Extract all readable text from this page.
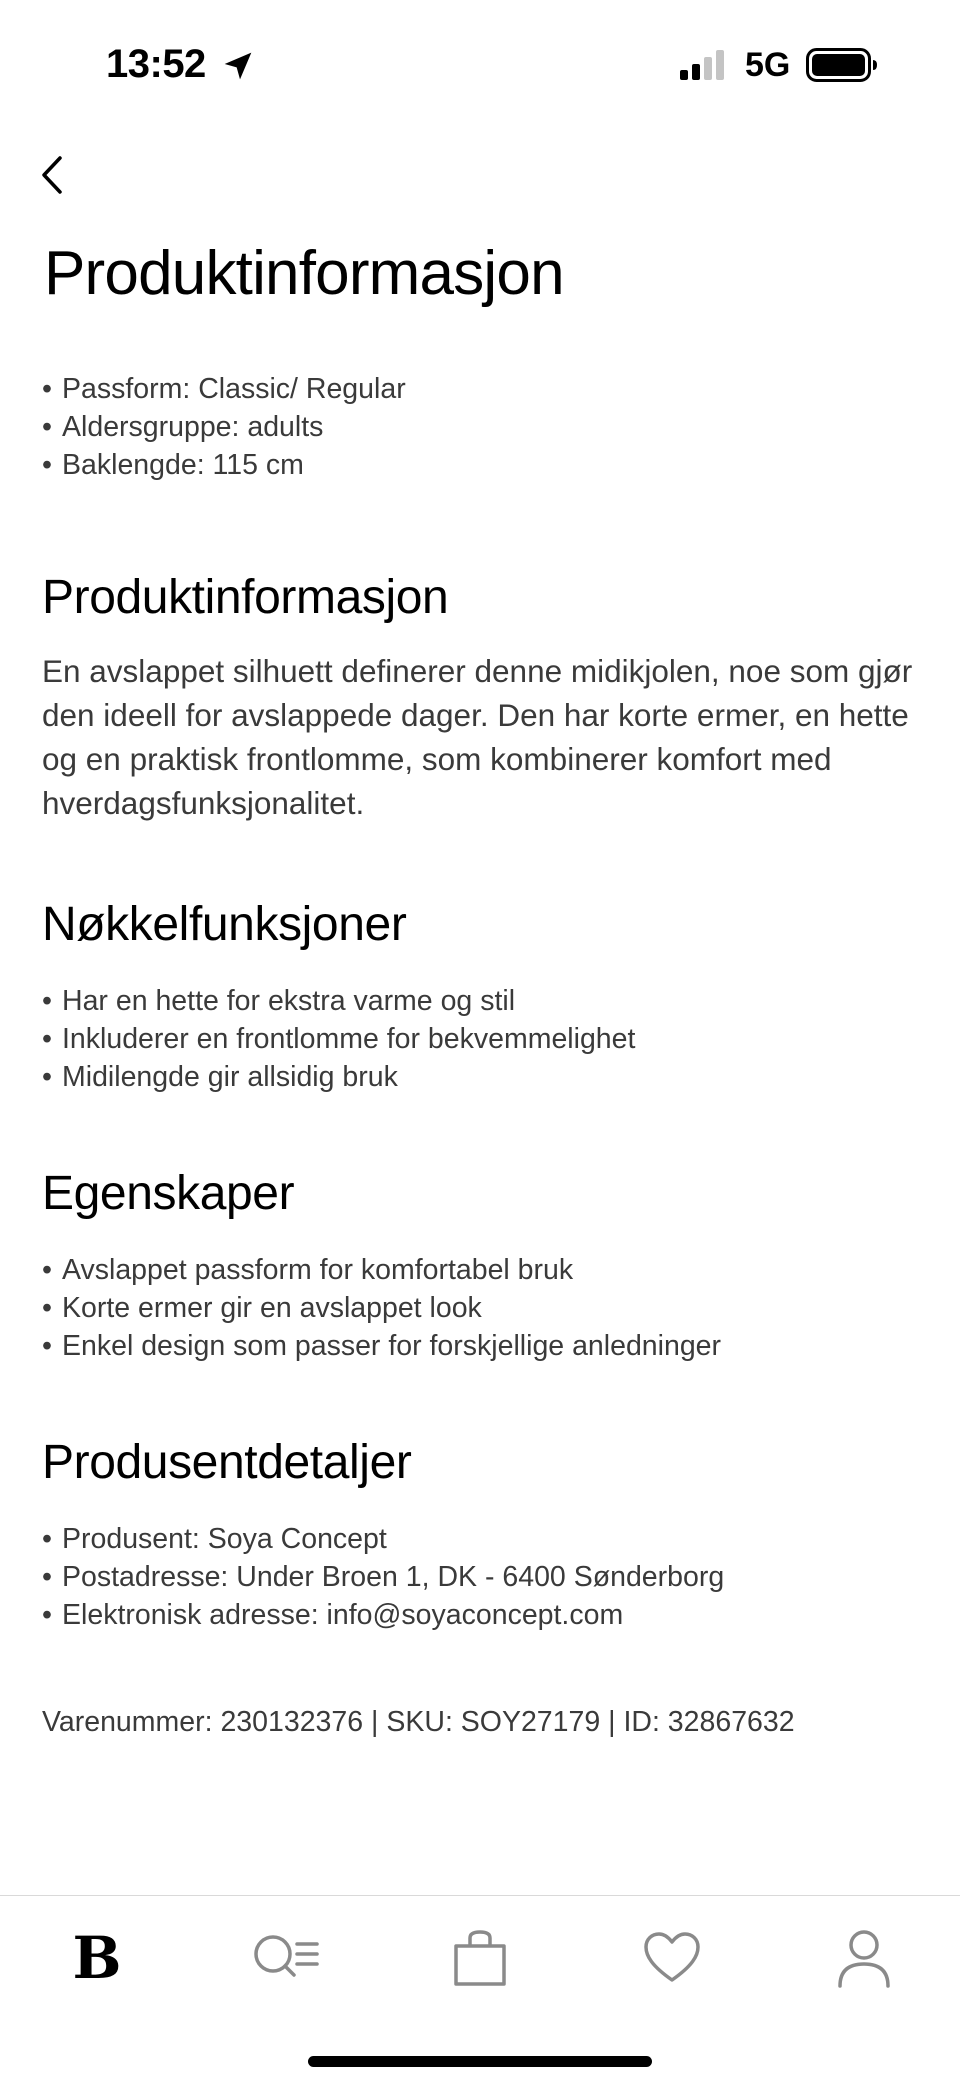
13:52	5G
Produktinformasjon
• Passform: Classic/ Regular
• Aldersgruppe: adults
• Baklengde: 115 cm
Produktinformasjon

En avslappet silhuett definerer denne midikjolen, noe som gjør den ideell for avslappede dager. Den har korte ermer, en hette og en praktisk frontlomme, som kombinerer komfort med hverdagsfunksjonalitet.

Nøkkelfunksjoner
• Har en hette for ekstra varme og stil
• Inkluderer en frontlomme for bekvemmelighet
• Midilengde gir allsidig bruk
Egenskaper
• Avslappet passform for komfortabel bruk
• Korte ermer gir en avslappet look
• Enkel design som passer for forskjellige anledninger
Produsentdetaljer
• Produsent: Soya Concept
• Postadresse: Under Broen 1, DK - 6400 Sønderborg
• Elektronisk adresse: info@soyaconcept.com
Varenummer: 230132376 | SKU: SOY27179 | ID: 32867632
B
